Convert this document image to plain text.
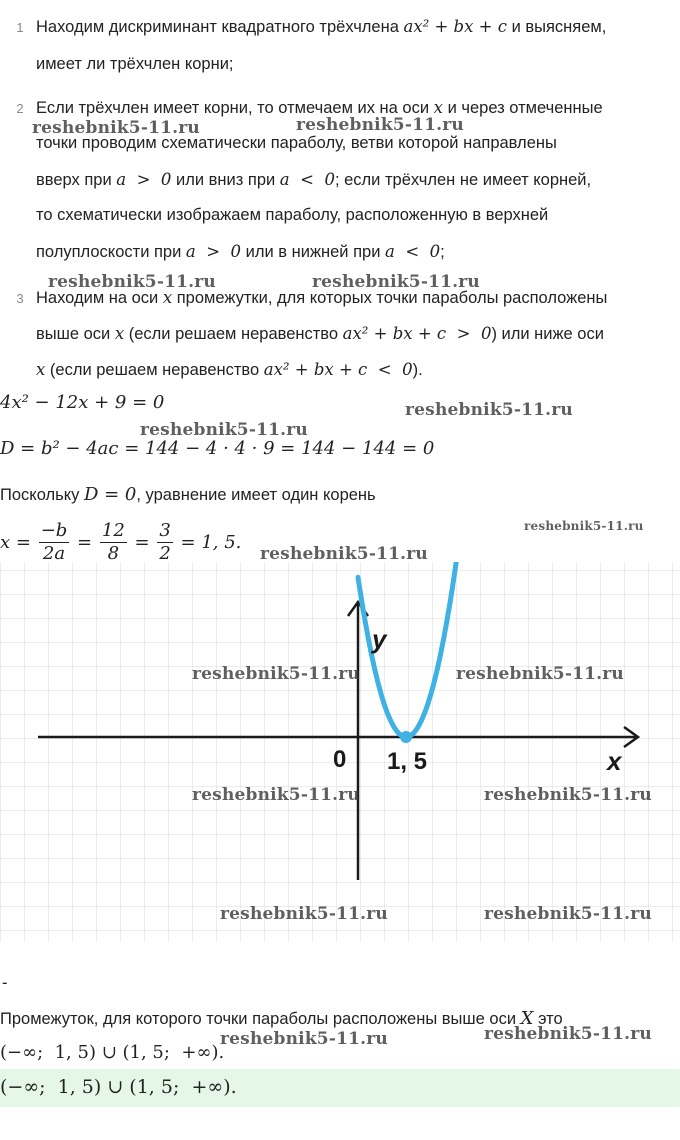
1 Находим дискриминант квадратного трёхчлена ax² + bx + c и выясняем,
имеет ли трёхчлен корни;
2 Если трёхчлен имеет корни, то отмечаем их на оси x и через отмеченные
точки проводим схематически параболу, ветви которой направлены
вверх при a  >  0 или вниз при a  <  0; если трёхчлен не имеет корней,
то схематически изображаем параболу, расположенную в верхней
полуплоскости при a  >  0 или в нижней при a  <  0;
3 Находим на оси x промежутки, для которых точки параболы расположены
выше оси x (если решаем неравенство ax² + bx + c  >  0) или ниже оси
x (если решаем неравенство ax² + bx + c  <  0).
4x² − 12x + 9 = 0
D = b² − 4ac = 144 − 4 · 4 · 9 = 144 − 144 = 0
Поскольку D = 0, уравнение имеет один корень
$x = \frac{-b}{2a} = \frac{12}{8} = \frac{3}{2} = 1$, 5.
y
x
0 1, 5
-
Промежуток, для которого точки параболы расположены выше оси X это
(−∞;  1, 5) ∪ (1, 5;  +∞).
(−∞;  1, 5) ∪ (1, 5;  +∞).
reshebnik5-11.ru	reshebnik5-11.ru
reshebnik5-11.ru	reshebnik5-11.ru
reshebnik5-11.ru
reshebnik5-11.ru
reshebnik5-11.ru
reshebnik5-11.ru
reshebnik5-11.ru	reshebnik5-11.ru
reshebnik5-11.ru	reshebnik5-11.ru
reshebnik5-11.ru	reshebnik5-11.ru
reshebnik5-11.ru	reshebnik5-11.ru
